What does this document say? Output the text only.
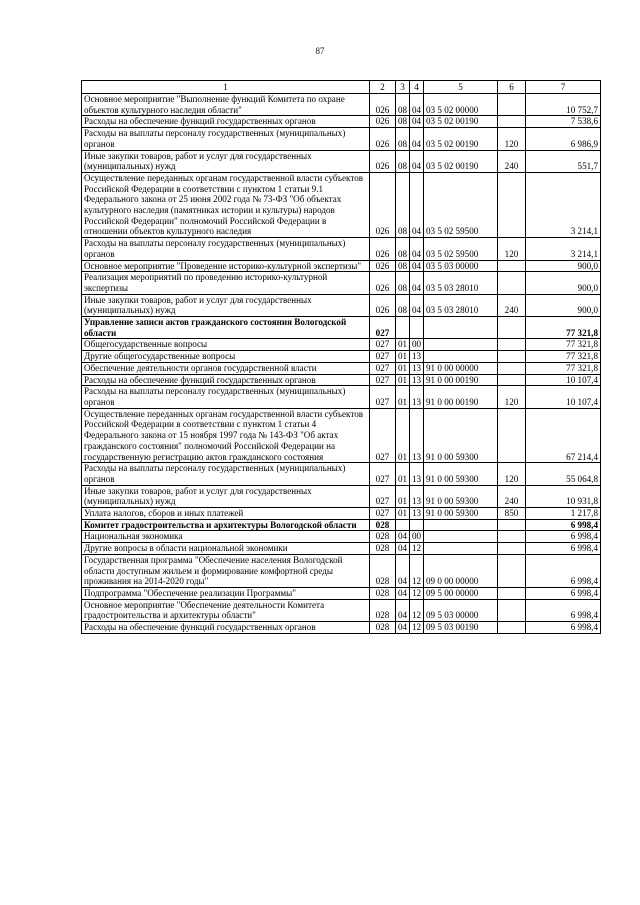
87
1	2	3	4	5	6	7
Основное мероприятие "Выполнение функций Комитета по охране объектов культурного наследия области"	026	08	04	03 5 02 00000		10 752,7
Расходы на обеспечение функций государственных органов	026	08	04	03 5 02 00190		7 538,6
Расходы на выплаты персоналу государственных (муниципальных) органов	026	08	04	03 5 02 00190	120	6 986,9
Иные закупки товаров, работ и услуг для государственных (муниципальных) нужд	026	08	04	03 5 02 00190	240	551,7
Осуществление переданных органам государственной власти субъектов Российской Федерации в соответствии с пунктом 1 статьи 9.1 Федерального закона от 25 июня 2002 года № 73-ФЗ "Об объектах культурного наследия (памятниках истории и культуры) народов Российской Федерации" полномочий Российской Федерации в отношении объектов культурного наследия	026	08	04	03 5 02 59500		3 214,1
Расходы на выплаты персоналу государственных (муниципальных) органов	026	08	04	03 5 02 59500	120	3 214,1
Основное мероприятие "Проведение историко-культурной экспертизы"	026	08	04	03 5 03 00000		900,0
Реализация мероприятий по проведению историко-культурной экспертизы	026	08	04	03 5 03 28010		900,0
Иные закупки товаров, работ и услуг для государственных (муниципальных) нужд	026	08	04	03 5 03 28010	240	900,0
Управление записи актов гражданского состояния Вологодской области	027					77 321,8
Общегосударственные вопросы	027	01	00			77 321,8
Другие общегосударственные вопросы	027	01	13			77 321,8
Обеспечение деятельности органов государственной власти	027	01	13	91 0 00 00000		77 321,8
Расходы на обеспечение функций государственных органов	027	01	13	91 0 00 00190		10 107,4
Расходы на выплаты персоналу государственных (муниципальных) органов	027	01	13	91 0 00 00190	120	10 107,4
Осуществление переданных органам государственной власти субъектов Российской Федерации в соответствии с пунктом 1 статьи 4 Федерального закона от 15 ноября 1997 года № 143-ФЗ "Об актах гражданского состояния" полномочий Российской Федерации на государственную регистрацию актов гражданского состояния	027	01	13	91 0 00 59300		67 214,4
Расходы на выплаты персоналу государственных (муниципальных) органов	027	01	13	91 0 00 59300	120	55 064,8
Иные закупки товаров, работ и услуг для государственных (муниципальных) нужд	027	01	13	91 0 00 59300	240	10 931,8
Уплата налогов, сборов и иных платежей	027	01	13	91 0 00 59300	850	1 217,8
Комитет градостроительства и архитектуры Вологодской области	028					6 998,4
Национальная экономика	028	04	00			6 998,4
Другие вопросы в области национальной экономики	028	04	12			6 998,4
Государственная программа "Обеспечение населения Вологодской области доступным жильем и формирование комфортной среды проживания на 2014-2020 годы"	028	04	12	09 0 00 00000		6 998,4
Подпрограмма "Обеспечение реализации Программы"	028	04	12	09 5 00 00000		6 998,4
Основное мероприятие "Обеспечение деятельности Комитета градостроительства и архитектуры области"	028	04	12	09 5 03 00000		6 998,4
Расходы на обеспечение функций государственных органов	028	04	12	09 5 03 00190		6 998,4
